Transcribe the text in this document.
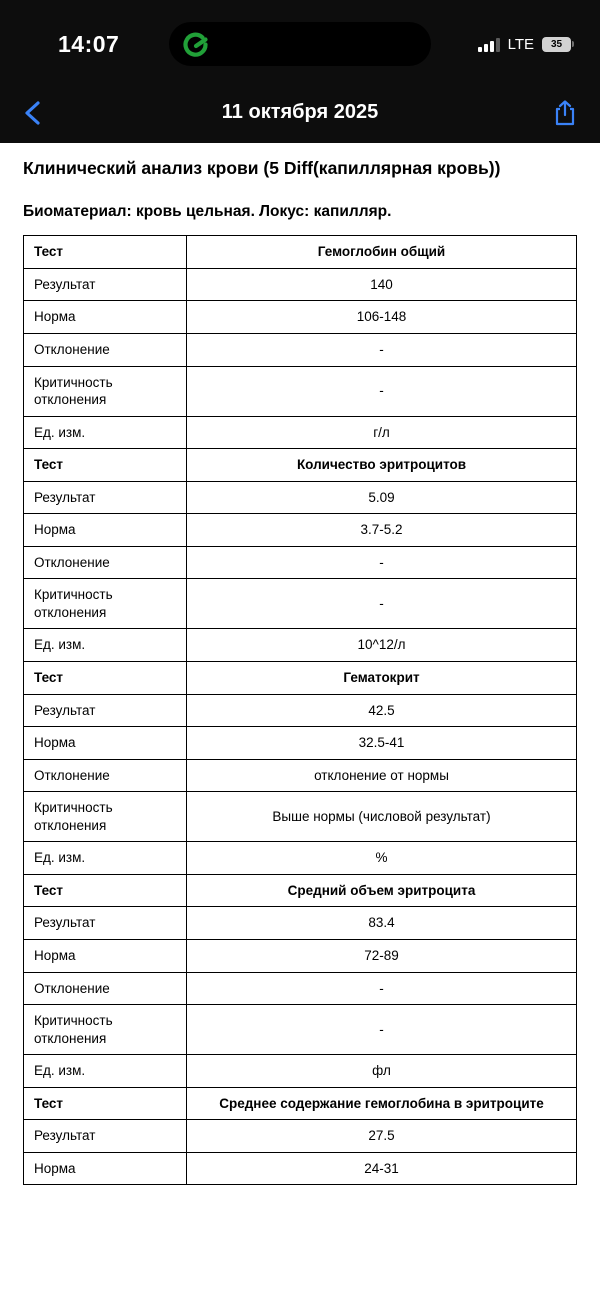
14:07	LTE	35
11 октября 2025
Клинический анализ крови (5 Diff(капиллярная кровь))
Биоматериал: кровь цельная. Локус: капилляр.
Тест	Гемоглобин общий
Результат	140
Норма	106-148
Отклонение	-
Критичность отклонения	-
Ед. изм.	г/л
Тест	Количество эритроцитов
Результат	5.09
Норма	3.7-5.2
Отклонение	-
Критичность отклонения	-
Ед. изм.	10^12/л
Тест	Гематокрит
Результат	42.5
Норма	32.5-41
Отклонение	отклонение от нормы
Критичность отклонения	Выше нормы (числовой результат)
Ед. изм.	%
Тест	Средний объем эритроцита
Результат	83.4
Норма	72-89
Отклонение	-
Критичность отклонения	-
Ед. изм.	фл
Тест	Среднее содержание гемоглобина в эритроците
Результат	27.5
Норма	24-31
